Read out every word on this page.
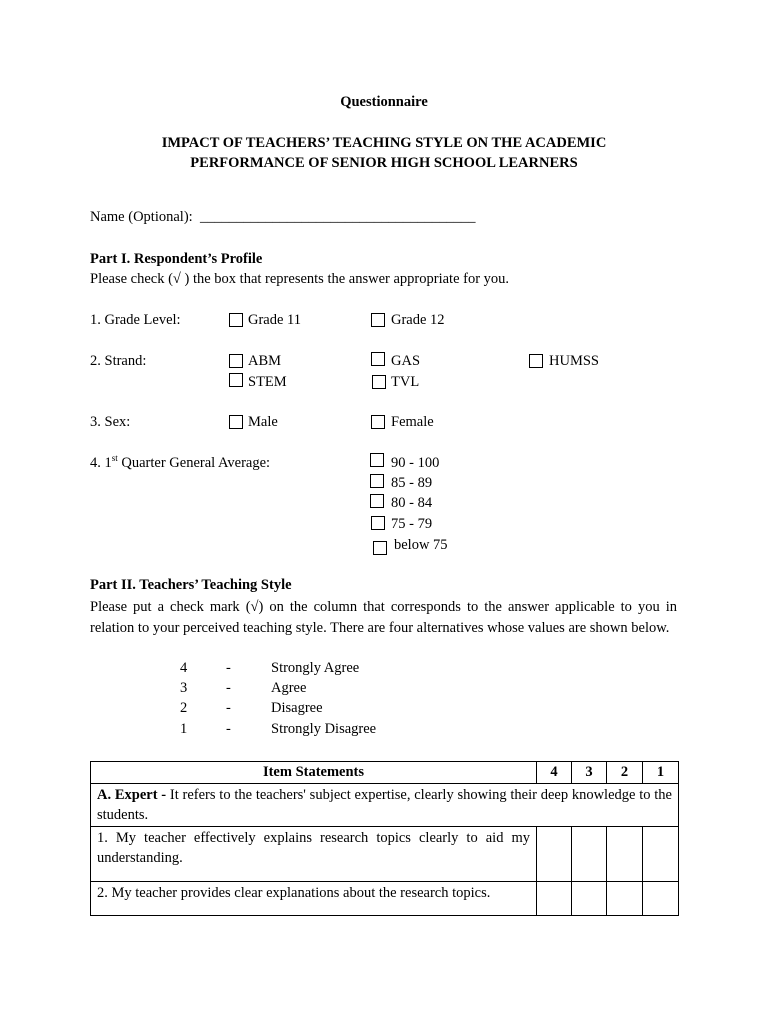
Questionnaire
IMPACT OF TEACHERS’ TEACHING STYLE ON THE ACADEMIC
PERFORMANCE OF SENIOR HIGH SCHOOL LEARNERS
Name (Optional): ______________________________________
Part I. Respondent’s Profile
Please check (√ ) the box that represents the answer appropriate for you.
1. Grade Level:	Grade 11	Grade 12
2. Strand:	ABM
STEM
GAS
TVL
HUMSS
3. Sex:	Male	Female
4. 1st Quarter General Average:	90 - 100
85 - 89
80 - 84
75 - 79
below 75
Part II. Teachers’ Teaching Style
Please put a check mark (√) on the column that corresponds to the answer applicable to you in relation to your perceived teaching style. There are four alternatives whose values are shown below.
4	-	Strongly Agree
3	-	Agree
2	-	Disagree
1	-	Strongly Disagree
Item Statements	4	3	2	1
A. Expert - It refers to the teachers' subject expertise, clearly showing their deep knowledge to the students.				
1. My teacher effectively explains research topics clearly to aid my understanding.				
2. My teacher provides clear explanations about the research topics.				
